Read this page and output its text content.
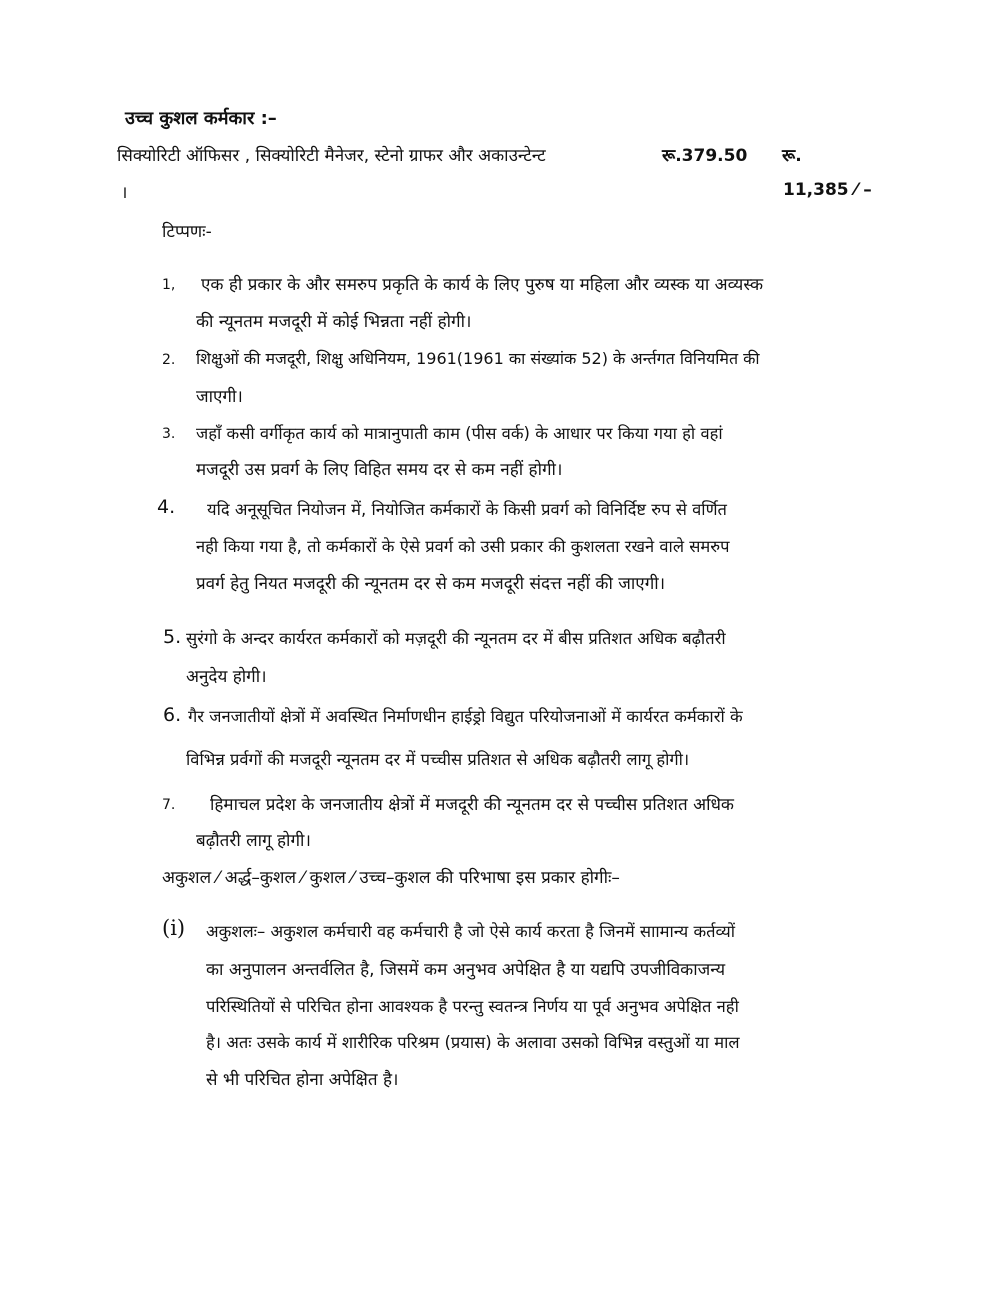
उच्च कुशल कर्मकार :–
सिक्योरिटी ऑफिसर , सिक्योरिटी मैनेजर, स्टेनो ग्राफर और अकाउन्टेन्ट	रू.379.50 रू.
।	11,385 ⁄ –
टिप्पणः-
1, एक ही प्रकार के और समरुप प्रकृति के कार्य के लिए पुरुष या महिला और व्यस्क या अव्यस्क
की न्यूनतम मजदूरी में कोई भिन्नता नहीं होगी।
2. शिक्षुओं की मजदूरी, शिक्षु अधिनियम, 1961(1961 का संख्यांक 52) के अर्न्तगत विनियमित की
जाएगी।
3. जहॉं कसी वर्गीकृत कार्य को मात्रानुपाती काम (पीस वर्क) के आधार पर किया गया हो वहां
मजदूरी उस प्रवर्ग के लिए विहित समय दर से कम नहीं होगी।
4. यदि अनूसूचित नियोजन में, नियोजित कर्मकारों के किसी प्रवर्ग को विनिर्दिष्ट रुप से वर्णित
नही किया गया है, तो कर्मकारों के ऐसे प्रवर्ग को उसी प्रकार की कुशलता रखने वाले समरुप
प्रवर्ग हेतु नियत मजदूरी की न्यूनतम दर से कम मजदूरी संदत्त नहीं की जाएगी।
5. सुरंगो के अन्दर कार्यरत कर्मकारों को मज़दूरी की न्यूनतम दर में बीस प्रतिशत अधिक बढ़ौतरी
अनुदेय होगी।
6. गैर जनजातीयों क्षेत्रों में अवस्थित निर्माणधीन हाईड्रो विद्युत परियोजनाओं में कार्यरत कर्मकारों के
विभिन्न प्रर्वगों की मजदूरी न्यूनतम दर में पच्चीस प्रतिशत से अधिक बढ़ौतरी लागू होगी।
7. हिमाचल प्रदेश के जनजातीय क्षेत्रों में मजदूरी की न्यूनतम दर से पच्चीस प्रतिशत अधिक
बढ़ौतरी लागू होगी।
अकुशल ⁄ अर्द्ध–कुशल ⁄ कुशल ⁄ उच्च–कुशल की परिभाषा इस प्रकार होगीः–
(i) अकुशलः– अकुशल कर्मचारी वह कर्मचारी है जो ऐसे कार्य करता है जिनमें साामान्य कर्तव्यों
का अनुपालन अन्तर्वलित है, जिसमें कम अनुभव अपेक्षित है या यद्यपि उपजीविकाजन्य
परिस्थितियों से परिचित होना आवश्यक है परन्तु स्वतन्त्र निर्णय या पूर्व अनुभव अपेक्षित नही
है। अतः उसके कार्य में शारीरिक परिश्रम (प्रयास) के अलावा उसको विभिन्न वस्तुओं या माल
से भी परिचित होना अपेक्षित है।
